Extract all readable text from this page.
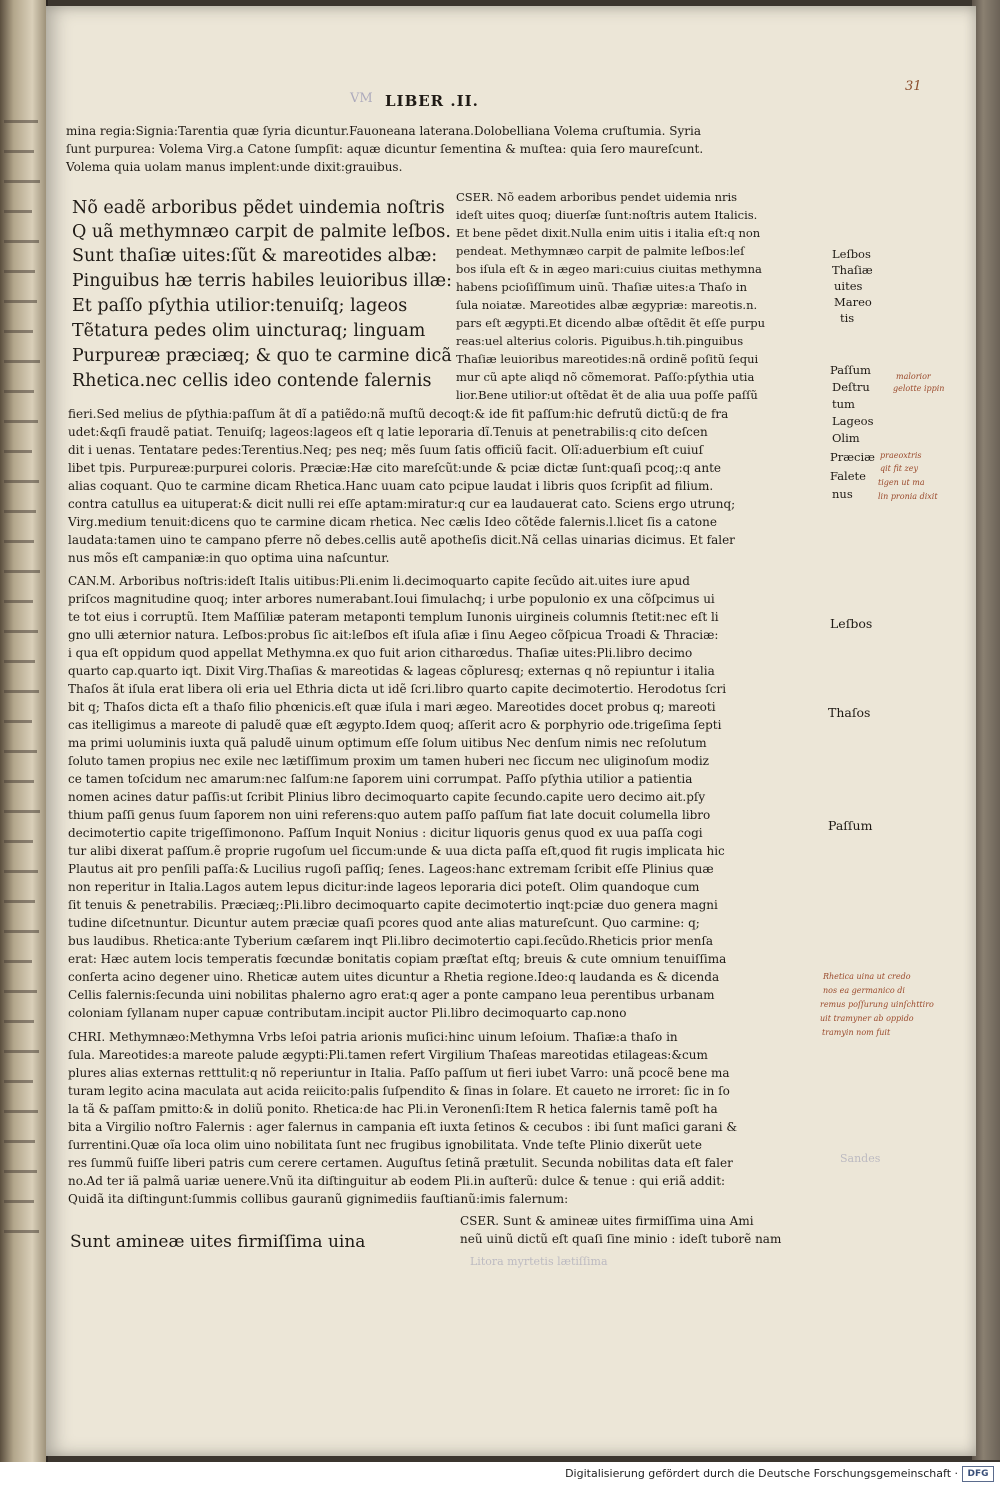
VM LIBER .II.
31
mina regia:Signia:Tarentia quæ ſyria dicuntur.Fauoneana laterana.Dolobelliana Volema cruſtumia. Syria
ſunt purpurea: Volema Virg.a Catone ſumpſit: aquæ dicuntur ſementina & muſtea: quia ſero maureſcunt.
Volema quia uolam manus implent:unde dixit:grauibus.
Nõ eadẽ arboribus pẽdet uindemia noſtris
Q uã methymnæo carpit de palmite leſbos.
Sunt thaſiæ uites:ſũt & mareotides albæ:
Pinguibus hæ terris habiles leuioribus illæ:
Et paſſo pſythia utilior:tenuiſq; lageos
Tẽtatura pedes olim uincturaq; linguam
Purpureæ præciæq; & quo te carmine dicã
Rhetica.nec cellis ideo contende falernis
CSER. Nõ eadem arboribus pendet uidemia nris
ideſt uites quoq; diuerſæ ſunt:noſtris autem Italicis.
Et bene pẽdet dixit.Nulla enim uitis i italia eſt:q non
pendeat. Methymnæo carpit de palmite leſbos:leſ
bos iſula eſt & in ægeo mari:cuius ciuitas methymna
habens pcioſiſſimum uinũ. Thaſiæ uites:a Thaſo in
ſula noiatæ. Mareotides albæ ægypriæ: mareotis.n.
pars eſt ægypti.Et dicendo albæ oſtẽdit ẽt eſſe purpu
reas:uel alterius coloris. Piguibus.h.tih.pinguibus
Thaſiæ leuioribus mareotides:nã ordinẽ poſitũ ſequi
mur cũ apte aliqd nõ cõmemorat. Paſſo:pſythia utia
lior.Bene utilior:ut oſtẽdat ẽt de alia uua poſſe paſſũ
fieri.Sed melius de pſythia:paſſum ãt dĩ a patiẽdo:nã muſtũ decoqt:& ide fit paſſum:hic defrutũ dictũ:q de fra
udet:&qſi fraudẽ patiat. Tenuiſq; lageos:lageos eſt q latie leporaria dĩ.Tenuis at penetrabilis:q cito deſcen
dit i uenas. Tentatare pedes:Terentius.Neq; pes neq; mẽs ſuum ſatis officiũ facit. Olĩ:aduerbium eſt cuiuſ
libet tpis. Purpureæ:purpurei coloris. Præciæ:Hæ cito mareſcũt:unde & pciæ dictæ ſunt:quaſi pcoq;:q ante
alias coquant. Quo te carmine dicam Rhetica.Hanc uuam cato pcipue laudat i libris quos ſcripſit ad filium.
contra catullus ea uituperat:& dicit nulli rei eſſe aptam:miratur:q cur ea laudauerat cato. Sciens ergo utrunq;
Virg.medium tenuit:dicens quo te carmine dicam rhetica. Nec cælis Ideo cõtẽde falernis.l.licet ſis a catone
laudata:tamen uino te campano pferre nõ debes.cellis autẽ apotheſis dicit.Nã cellas uinarias dicimus. Et faler
nus mõs eſt campaniæ:in quo optima uina naſcuntur.
CAN.M. Arboribus noſtris:ideſt Italis uitibus:Pli.enim li.decimoquarto capite ſecũdo ait.uites iure apud
priſcos magnitudine quoq; inter arbores numerabant.Ioui ſimulachq; i urbe populonio ex una cõſpcimus ui
te tot eius i corruptũ. Item Maſſiliæ pateram metaponti templum Iunonis uirgineis columnis ſtetit:nec eſt li
gno ulli æternior natura. Leſbos:probus ſic ait:leſbos eſt iſula aſiæ i ſinu Aegeo cõſpicua Troadi & Thraciæ:
i qua eſt oppidum quod appellat Methymna.ex quo fuit arion citharœdus. Thaſiæ uites:Pli.libro decimo
quarto cap.quarto iqt. Dixit Virg.Thaſias & mareotidas & lageas cõpluresq; externas q nõ repiuntur i italia
Thaſos ãt iſula erat libera oli eria uel Ethria dicta ut idẽ ſcri.libro quarto capite decimotertio. Herodotus ſcri
bit q; Thaſos dicta eſt a thaſo filio phœnicis.eſt quæ iſula i mari ægeo. Mareotides docet probus q; mareoti
cas itelligimus a mareote di paludẽ quæ eſt ægypto.Idem quoq; aſſerit acro & porphyrio ode.trigeſima ſepti
ma primi uoluminis iuxta quã paludẽ uinum optimum eſſe ſolum uitibus Nec denſum nimis nec reſolutum
ſoluto tamen propius nec exile nec lætiſſimum proxim um tamen huberi nec ſiccum nec uliginoſum modiz
ce tamen toſcidum nec amarum:nec ſalſum:ne ſaporem uini corrumpat. Paſſo pſythia utilior a patientia
nomen acines datur paſſis:ut ſcribit Plinius libro decimoquarto capite ſecundo.capite uero decimo ait.pſy
thium paſſi genus ſuum ſaporem non uini referens:quo autem paſſo paſſum fiat late docuit columella libro
decimotertio capite trigeſſimonono. Paſſum Inquit Nonius : dicitur liquoris genus quod ex uua paſſa cogi
tur alibi dixerat paſſum.ẽ proprie rugoſum uel ſiccum:unde & uua dicta paſſa eſt,quod fit rugis implicata hic
Plautus ait pro penſili paſſa:& Lucilius rugoſi paſſiq; ſenes. Lageos:hanc extremam ſcribit eſſe Plinius quæ
non reperitur in Italia.Lagos autem lepus dicitur:inde lageos leporaria dici poteſt. Olim quandoque cum
ſit tenuis & penetrabilis. Præciæq;:Pli.libro decimoquarto capite decimotertio inqt:pciæ duo genera magni
tudine diſcetnuntur. Dicuntur autem præciæ quaſi pcores quod ante alias matureſcunt. Quo carmine: q;
bus laudibus. Rhetica:ante Tyberium cæſarem inqt Pli.libro decimotertio capi.ſecũdo.Rheticis prior menſa
erat: Hæc autem locis temperatis fœcundæ bonitatis copiam præſtat eſtq; breuis & cute omnium tenuiſſima
conſerta acino degener uino. Rheticæ autem uites dicuntur a Rhetia regione.Ideo:q laudanda es & dicenda
Cellis falernis:ſecunda uini nobilitas phalerno agro erat:q ager a ponte campano leua perentibus urbanam
coloniam ſyllanam nuper capuæ contributam.incipit auctor Pli.libro decimoquarto cap.nono
CHRI. Methymnæo:Methymna Vrbs leſoi patria arionis muſici:hinc uinum leſoium. Thaſiæ:a thaſo in
ſula. Mareotides:a mareote palude ægypti:Pli.tamen refert Virgilium Thaſeas mareotidas etilageas:&cum
plures alias externas retttulit:q nõ reperiuntur in Italia. Paſſo paſſum ut fieri iubet Varro: unã pcocẽ bene ma
turam legito acina maculata aut acida reiicito:palis ſuſpendito & ſinas in ſolare. Et caueto ne irroret: ſic in ſo
la tã & paſſam pmitto:& in doliũ ponito. Rhetica:de hac Pli.in Veronenſi:Item R hetica falernis tamẽ poſt ha
bita a Virgilio noſtro Falernis : ager falernus in campania eſt iuxta ſetinos & cecubos : ibi ſunt maſici garani &
ſurrentini.Quæ oĩa loca olim uino nobilitata ſunt nec frugibus ignobilitata. Vnde teſte Plinio dixerũt uete
res ſummũ fuiſſe liberi patris cum cerere certamen. Auguſtus ſetinã prætulit. Secunda nobilitas data eſt faler
no.Ad ter iã palmã uariæ uenere.Vnũ ita diſtinguitur ab eodem Pli.in auſterũ: dulce & tenue : qui eriã addit:
Quidã ita diſtingunt:ſummis collibus gauranũ gignimediis fauſtianũ:imis falernum:
Sunt amineæ uites firmiſſima uina
CSER. Sunt & amineæ uites firmiſſima uina Ami
neũ uinũ dictũ eſt quaſi ſine minio : ideſt tuborẽ nam
Litora myrtetis lætiſſima
Sandes
Leſbos
Thaſiæ
uites
Mareo
tis
Paſſum
Deſtru
tum
Lageos
Olim
Præciæ
Falete
nus
Leſbos
Thaſos
Paſſum
malorior
gelotte ippin
praeoxtris
qit fit zey
tigen ut ma
lin pronia dixit
Rhetica uina ut credo
nos ea germanico di
remus poſſurung uinſchttiro
uit tramyner ab oppido
tramyin nom fuit
Digitalisierung gefördert durch die Deutsche Forschungsgemeinschaft ·	DFG
